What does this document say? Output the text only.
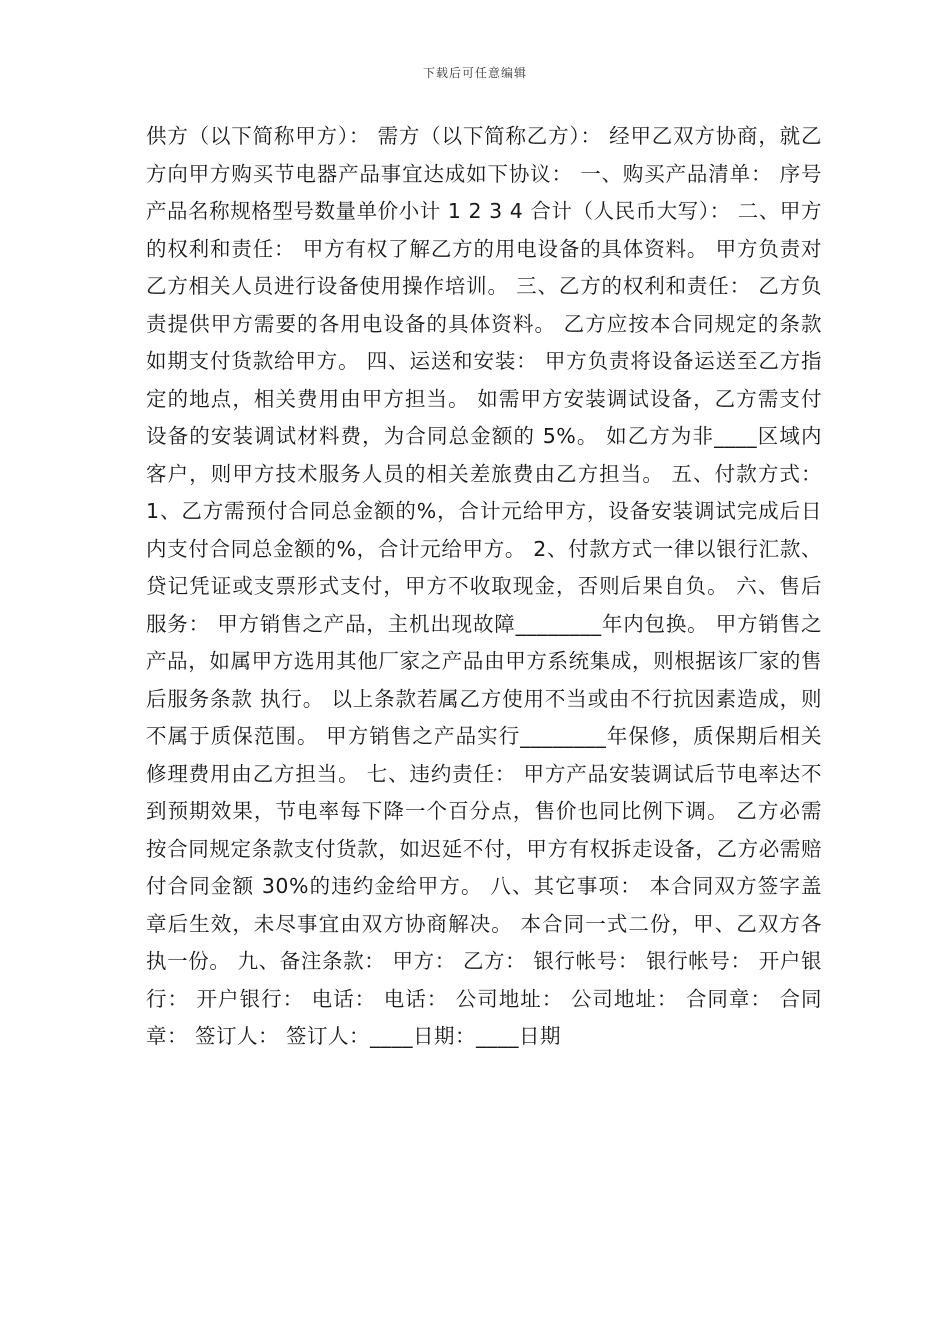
下载后可任意编辑
供方（以下简称甲方）： 需方（以下简称乙方）： 经甲乙双方协商，就乙方向甲方购买节电器产品事宜达成如下协议： 一、购买产品清单： 序号产品名称规格型号数量单价小计 1 2 3 4 合计（人民币大写）： 二、甲方的权利和责任： 甲方有权了解乙方的用电设备的具体资料。 甲方负责对乙方相关人员进行设备使用操作培训。 三、乙方的权利和责任： 乙方负责提供甲方需要的各用电设备的具体资料。 乙方应按本合同规定的条款如期支付货款给甲方。 四、运送和安装： 甲方负责将设备运送至乙方指定的地点，相关费用由甲方担当。 如需甲方安装调试设备，乙方需支付设备的安装调试材料费，为合同总金额的 5%。 如乙方为非____区域内客户，则甲方技术服务人员的相关差旅费由乙方担当。 五、付款方式： 1、乙方需预付合同总金额的%，合计元给甲方，设备安装调试完成后日内支付合同总金额的%，合计元给甲方。 2、付款方式一律以银行汇款、贷记凭证或支票形式支付，甲方不收取现金，否则后果自负。 六、售后服务： 甲方销售之产品，主机出现故障________年内包换。 甲方销售之产品，如属甲方选用其他厂家之产品由甲方系统集成，则根据该厂家的售后服务条款 执行。 以上条款若属乙方使用不当或由不行抗因素造成，则不属于质保范围。 甲方销售之产品实行________年保修，质保期后相关修理费用由乙方担当。 七、违约责任： 甲方产品安装调试后节电率达不到预期效果，节电率每下降一个百分点，售价也同比例下调。 乙方必需按合同规定条款支付货款，如迟延不付，甲方有权拆走设备，乙方必需赔付合同金额 30%的违约金给甲方。 八、其它事项： 本合同双方签字盖章后生效，未尽事宜由双方协商解决。 本合同一式二份，甲、乙双方各执一份。 九、备注条款： 甲方： 乙方： 银行帐号： 银行帐号： 开户银行： 开户银行： 电话： 电话： 公司地址： 公司地址： 合同章： 合同章： 签订人： 签订人：____日期：____日期
